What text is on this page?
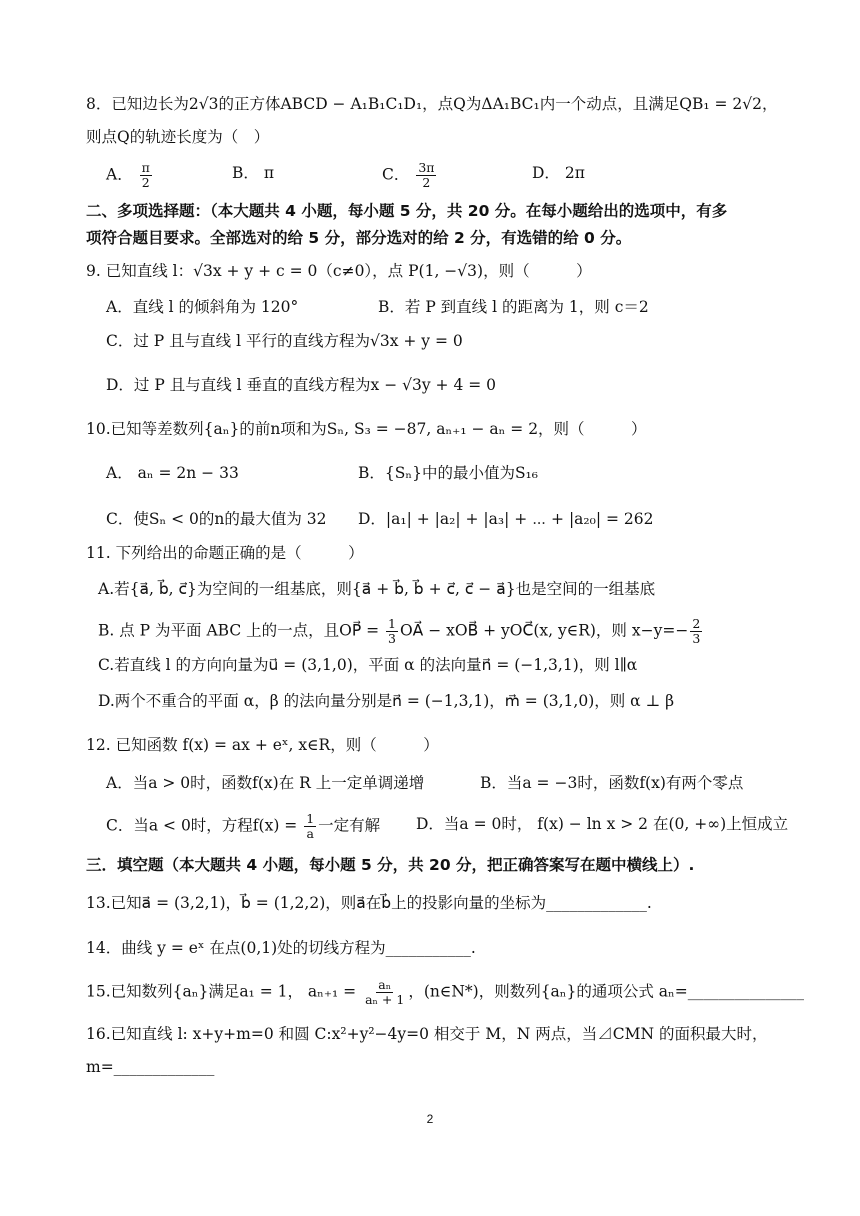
8．已知边长为2√3的正方体ABCD − A₁B₁C₁D₁，点Q为ΔA₁BC₁内一个动点，且满足QB₁ = 2√2，
则点Q的轨迹长度为（　）
A． $\frac{\pi}{2}$	B． π	C． $\frac{3\pi}{2}$	D． 2π
二、多项选择题：（本大题共 4 小题，每小题 5 分，共 20 分。在每小题给出的选项中，有多
项符合题目要求。全部选对的给 5 分，部分选对的给 2 分，有选错的给 0 分。
9. 已知直线 l：√3x + y + c = 0（c≠0），点 P(1, −√3)，则（　　　）
A．直线 l 的倾斜角为 120°	B．若 P 到直线 l 的距离为 1，则 c＝2
C．过 P 且与直线 l 平行的直线方程为√3x + y = 0
D．过 P 且与直线 l 垂直的直线方程为x − √3y + 4 = 0
10.已知等差数列{aₙ}的前n项和为Sₙ, S₃ = −87, aₙ₊₁ − aₙ = 2，则（　　　）
A． aₙ = 2n − 33	B．{Sₙ}中的最小值为S₁₆
C．使Sₙ < 0的n的最大值为 32 D．|a₁| + |a₂| + |a₃| + ⋯ + |a₂₀| = 262
11. 下列给出的命题正确的是（　　　）
A.若{a⃗, b⃗, c⃗}为空间的一组基底，则{a⃗ + b⃗, b⃗ + c⃗, c⃗ − a⃗}也是空间的一组基底
B. 点 P 为平面 ABC 上的一点，且OP⃗ = $\frac{1}{3}$ OA⃗ − xOB⃗ + yOC⃗(x, y∈R)，则 $x-y=- \frac{2}{3}$
C.若直线 l 的方向向量为u⃗ = (3,1,0)，平面 α 的法向量n⃗ = (−1,3,1)，则 l∥α
D.两个不重合的平面 α，β 的法向量分别是n⃗ = (−1,3,1)，m⃗ = (3,1,0)，则 α ⊥ β
12. 已知函数 f(x) = ax + eˣ, x∈R，则（　　　）
A．当a > 0时，函数f(x)在 R 上一定单调递增	B．当a = −3时，函数f(x)有两个零点
C．当a < 0时，方程$f(x) = \frac{1}{a}$ 一定有解 D．当a = 0时， f(x) − ln x > 2 在(0, +∞)上恒成立
三．填空题（本大题共 4 小题，每小题 5 分，共 20 分，把正确答案写在题中横线上）.
13.已知a⃗ = (3,2,1)，b⃗ = (1,2,2)，则a⃗在b⃗上的投影向量的坐标为_____________.
14．曲线 y = eˣ 在点(0,1)处的切线方程为___________.
15.已知数列{aₙ}满足a₁ = 1， $a_{n+1} = \frac{\text{aₙ}}{\text{aₙ + 1}}$ ，(n∈N*)，则数列{aₙ}的通项公式 aₙ=_______________
16.已知直线 l: x+y+m=0 和圆 C:x²+y²−4y=0 相交于 M，N 两点，当⊿CMN 的面积最大时，
m=_____________
2
